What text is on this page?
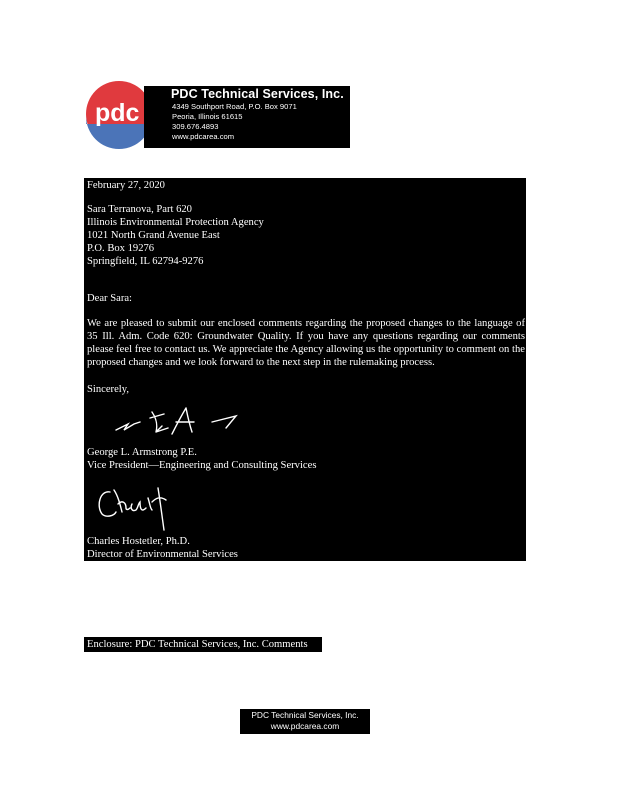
pdc
PDC Technical Services, Inc.
4349 Southport Road, P.O. Box 9071
Peoria, Illinois 61615
309.676.4893
www.pdcarea.com
February 27, 2020
Sara Terranova, Part 620
Illinois Environmental Protection Agency
1021 North Grand Avenue East
P.O. Box 19276
Springfield, IL 62794-9276
Dear Sara:
We are pleased to submit our enclosed comments regarding the proposed changes to the language of 35 Ill. Adm. Code 620: Groundwater Quality. If you have any questions regarding our comments please feel free to contact us. We appreciate the Agency allowing us the opportunity to comment on the proposed changes and we look forward to the next step in the rulemaking process.
Sincerely,
George L. Armstrong P.E.
Vice President—Engineering and Consulting Services
Charles Hostetler, Ph.D.
Director of Environmental Services
Enclosure: PDC Technical Services, Inc. Comments
PDC Technical Services, Inc.
www.pdcarea.com
